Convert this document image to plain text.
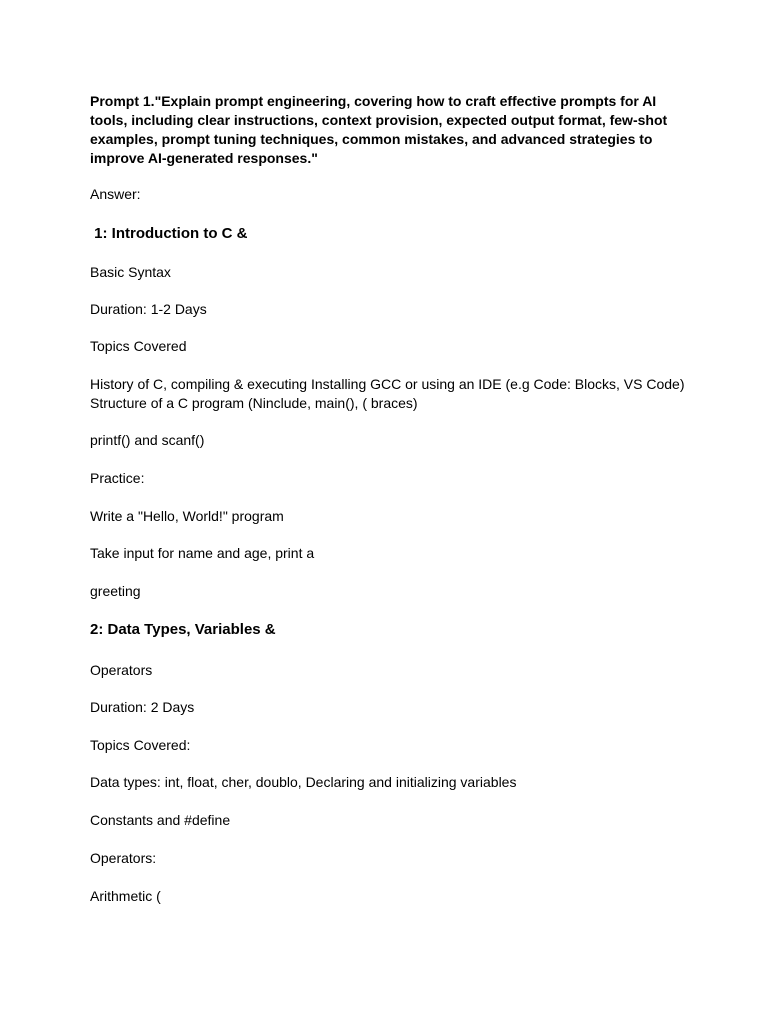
Prompt 1."Explain prompt engineering, covering how to craft effective prompts for AI
tools, including clear instructions, context provision, expected output format, few-shot
examples, prompt tuning techniques, common mistakes, and advanced strategies to
improve AI-generated responses."

Answer:

1: Introduction to C &

Basic Syntax

Duration: 1-2 Days

Topics Covered

History of C, compiling & executing Installing GCC or using an IDE (e.g Code: Blocks, VS Code)
Structure of a C program (Ninclude, main(), ( braces)

printf() and scanf()

Practice:

Write a "Hello, World!" program

Take input for name and age, print a

greeting

2: Data Types, Variables &

Operators

Duration: 2 Days

Topics Covered:

Data types: int, float, cher, doublo, Declaring and initializing variables

Constants and #define

Operators:

Arithmetic (
